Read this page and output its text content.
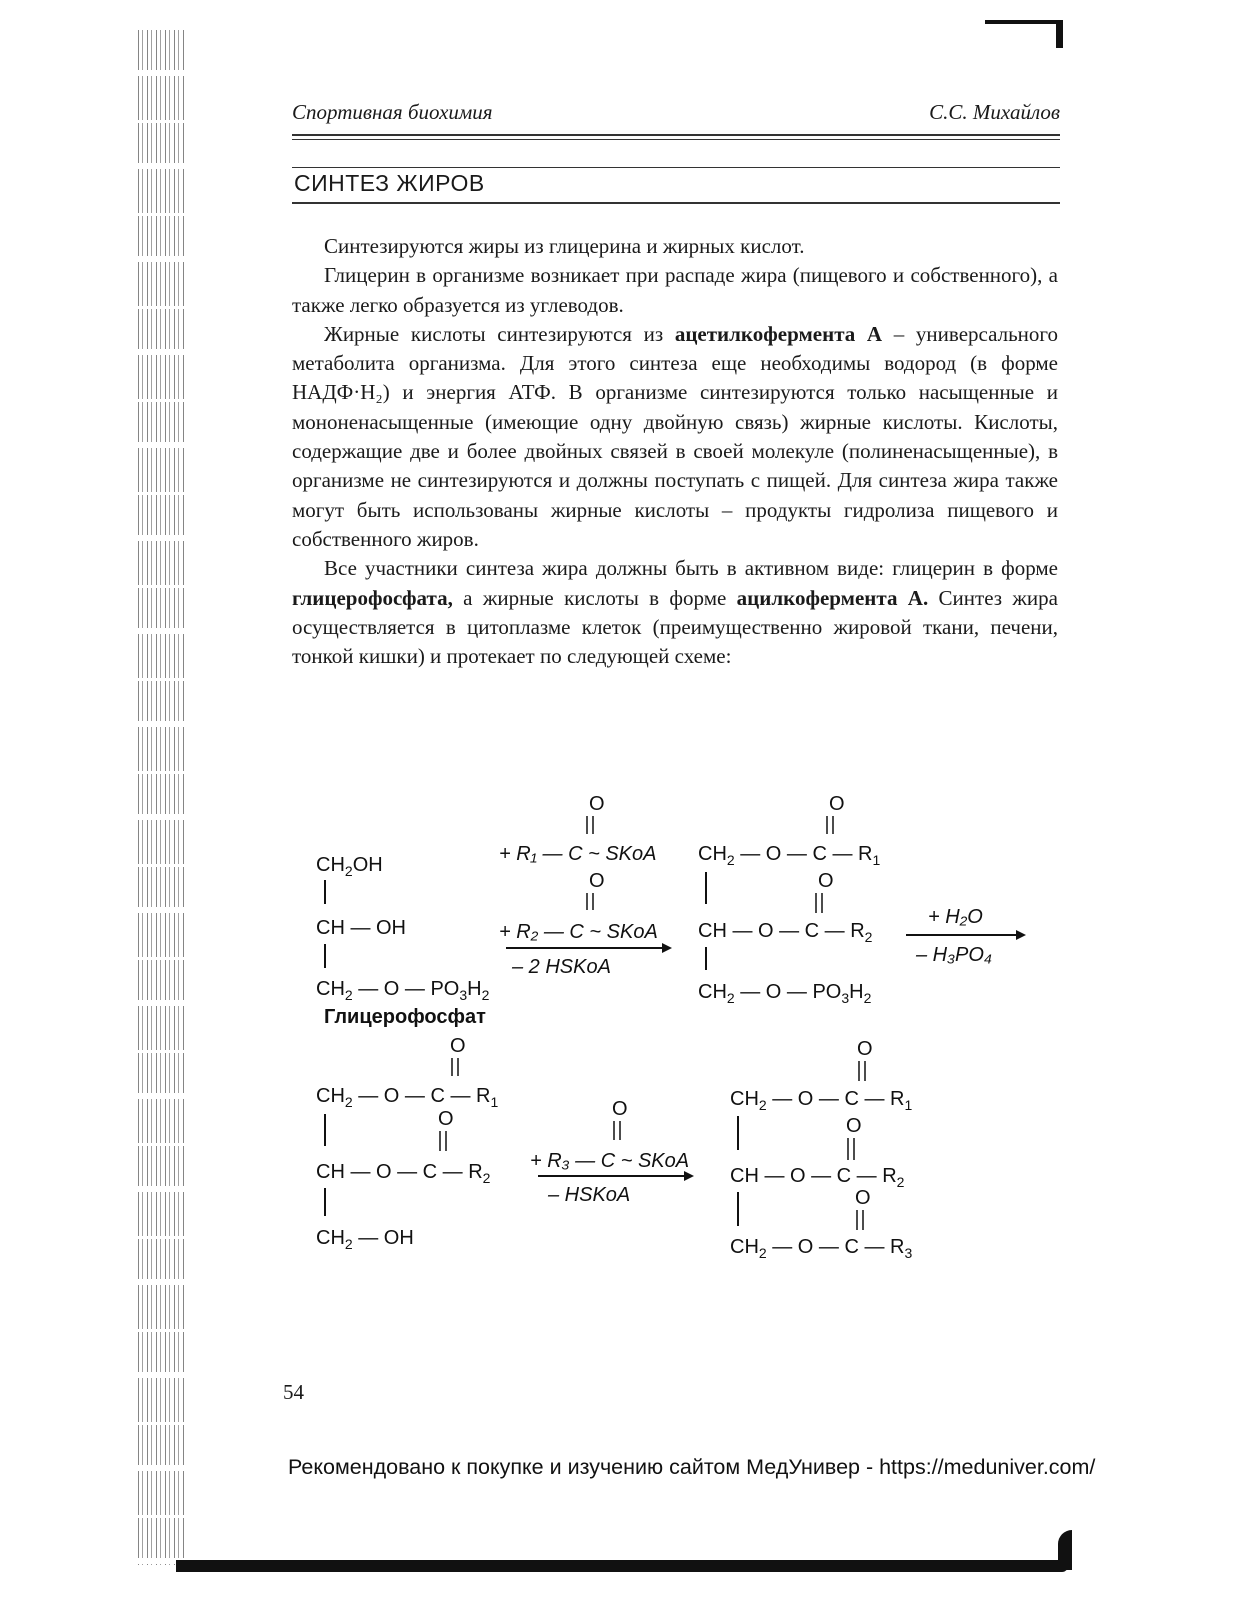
Спортивная биохимия	С.С. Михайлов
СИНТЕЗ ЖИРОВ

Синтезируются жиры из глицерина и жирных кислот.

Глицерин в организме возникает при распаде жира (пищевого и собственного), а также легко образуется из углеводов.

Жирные кислоты синтезируются из ацетилкофермента А – универсального метаболита организма. Для этого синтеза еще необходимы водород (в форме НАДФ·H₂) и энергия АТФ. В организме синтезируются только насыщенные и мононенасыщенные (имеющие одну двойную связь) жирные кислоты. Кислоты, содержащие две и более двойных связей в своей молекуле (полиненасыщенные), в организме не синтезируются и должны поступать с пищей. Для синтеза жира также могут быть использованы жирные кислоты – продукты гидролиза пищевого и собственного жиров.

Все участники синтеза жира должны быть в активном виде: глицерин в форме глицерофосфата, а жирные кислоты в форме ацилкофермента А. Синтез жира осуществляется в цитоплазме клеток (преимущественно жировой ткани, печени, тонкой кишки) и протекает по следующей схеме:

$CH_2OH$
CH — OH
$CH_2$ — O — $PO_3H_2$
Глицерофосфат
O
+ R₁ — C ~ SKoA
O
+ R₂ — C ~ SKoA
– 2 HSKoA
O
$CH_2$ — O — C — $R_1$
O
CH — O — C — $R_2$
$CH_2$ — O — $PO_3H_2$
+ H₂O
– H₃PO₄
O
$CH_2$ — O — C — $R_1$
O
CH — O — C — $R_2$
$CH_2$ — OH
O
+ R₃ — C ~ SKoA
– HSKoA
O
$CH_2$ — O — C — $R_1$
O
CH — O — C — $R_2$
O
$CH_2$ — O — C — $R_3$
54
Рекомендовано к покупке и изучению сайтом МедУнивер - https://meduniver.com/
